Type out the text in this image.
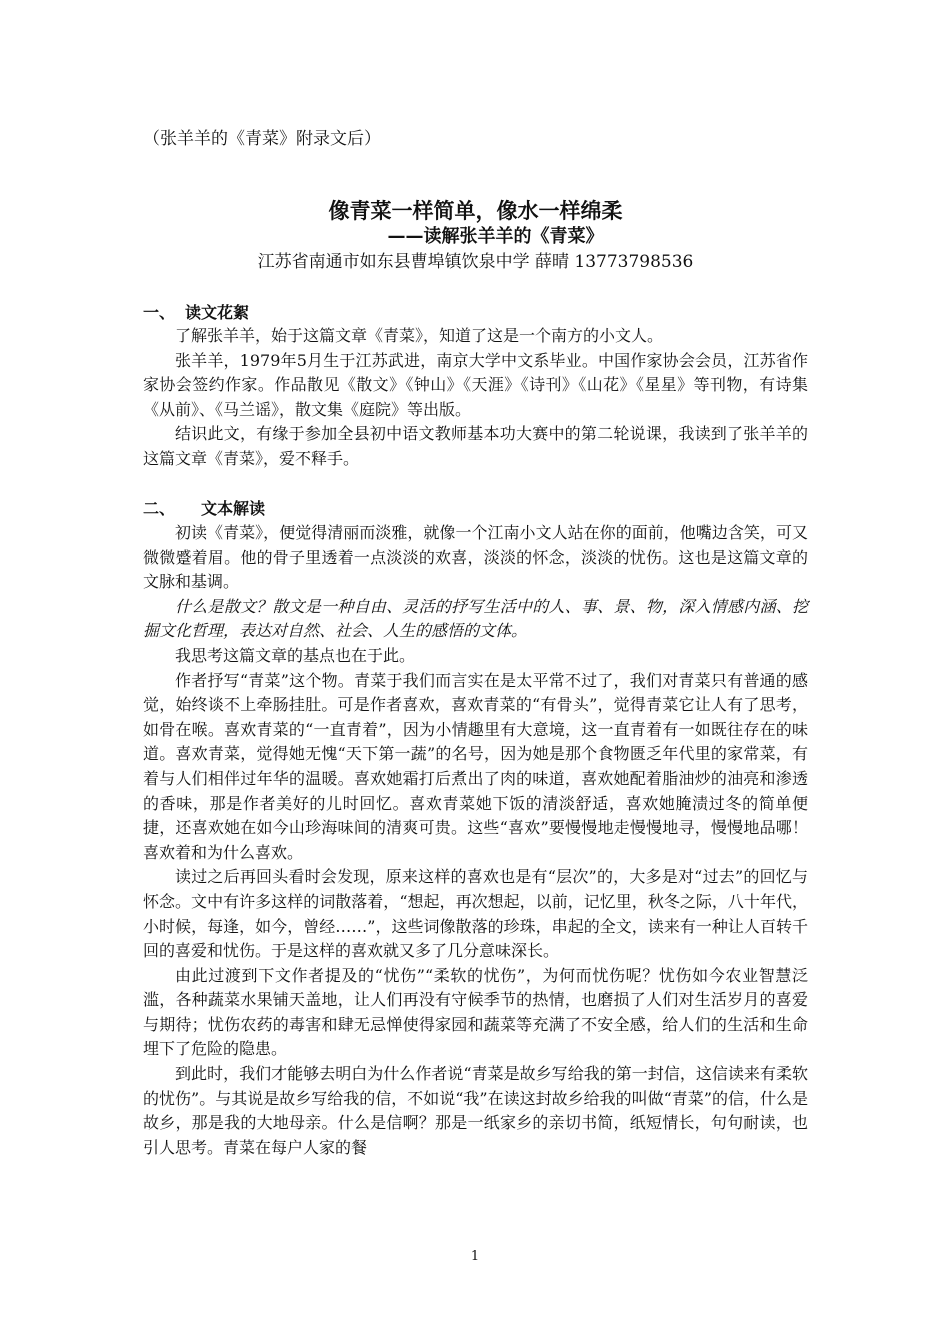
（张羊羊的《青菜》附录文后）

像青菜一样简单，像水一样绵柔

——读解张羊羊的《青菜》

江苏省南通市如东县曹埠镇饮泉中学 薛晴 13773798536

一、 读文花絮

了解张羊羊，始于这篇文章《青菜》，知道了这是一个南方的小文人。

张羊羊，1979年5月生于江苏武进，南京大学中文系毕业。中国作家协会会员，江苏省作家协会签约作家。作品散见《散文》《钟山》《天涯》《诗刊》《山花》《星星》等刊物，有诗集《从前》、《马兰谣》，散文集《庭院》等出版。

结识此文，有缘于参加全县初中语文教师基本功大赛中的第二轮说课，我读到了张羊羊的这篇文章《青菜》，爱不释手。

二、 文本解读

初读《青菜》，便觉得清丽而淡雅，就像一个江南小文人站在你的面前，他嘴边含笑，可又微微蹙着眉。他的骨子里透着一点淡淡的欢喜，淡淡的怀念，淡淡的忧伤。这也是这篇文章的文脉和基调。

什么是散文？散文是一种自由、灵活的抒写生活中的人、事、景、物，深入情感内涵、挖掘文化哲理，表达对自然、社会、人生的感悟的文体。

我思考这篇文章的基点也在于此。

作者抒写“青菜”这个物。青菜于我们而言实在是太平常不过了，我们对青菜只有普通的感觉，始终谈不上牵肠挂肚。可是作者喜欢，喜欢青菜的“有骨头”，觉得青菜它让人有了思考，如骨在喉。喜欢青菜的“一直青着”，因为小情趣里有大意境，这一直青着有一如既往存在的味道。喜欢青菜，觉得她无愧“天下第一蔬”的名号，因为她是那个食物匮乏年代里的家常菜，有着与人们相伴过年华的温暖。喜欢她霜打后煮出了肉的味道，喜欢她配着脂油炒的油亮和渗透的香味，那是作者美好的儿时回忆。喜欢青菜她下饭的清淡舒适，喜欢她腌渍过冬的简单便捷，还喜欢她在如今山珍海味间的清爽可贵。这些“喜欢”要慢慢地走慢慢地寻，慢慢地品哪！喜欢着和为什么喜欢。

读过之后再回头看时会发现，原来这样的喜欢也是有“层次”的，大多是对“过去”的回忆与怀念。文中有许多这样的词散落着，“想起，再次想起，以前，记忆里，秋冬之际，八十年代，小时候，每逢，如今，曾经……”，这些词像散落的珍珠，串起的全文，读来有一种让人百转千回的喜爱和忧伤。于是这样的喜欢就又多了几分意味深长。

由此过渡到下文作者提及的“忧伤”“柔软的忧伤”，为何而忧伤呢？忧伤如今农业智慧泛滥，各种蔬菜水果铺天盖地，让人们再没有守候季节的热情，也磨损了人们对生活岁月的喜爱与期待；忧伤农药的毒害和肆无忌惮使得家园和蔬菜等充满了不安全感，给人们的生活和生命埋下了危险的隐患。

到此时，我们才能够去明白为什么作者说“青菜是故乡写给我的第一封信，这信读来有柔软的忧伤”。与其说是故乡写给我的信，不如说“我”在读这封故乡给我的叫做“青菜”的信，什么是故乡，那是我的大地母亲。什么是信啊？那是一纸家乡的亲切书简，纸短情长，句句耐读，也引人思考。青菜在每户人家的餐

1
